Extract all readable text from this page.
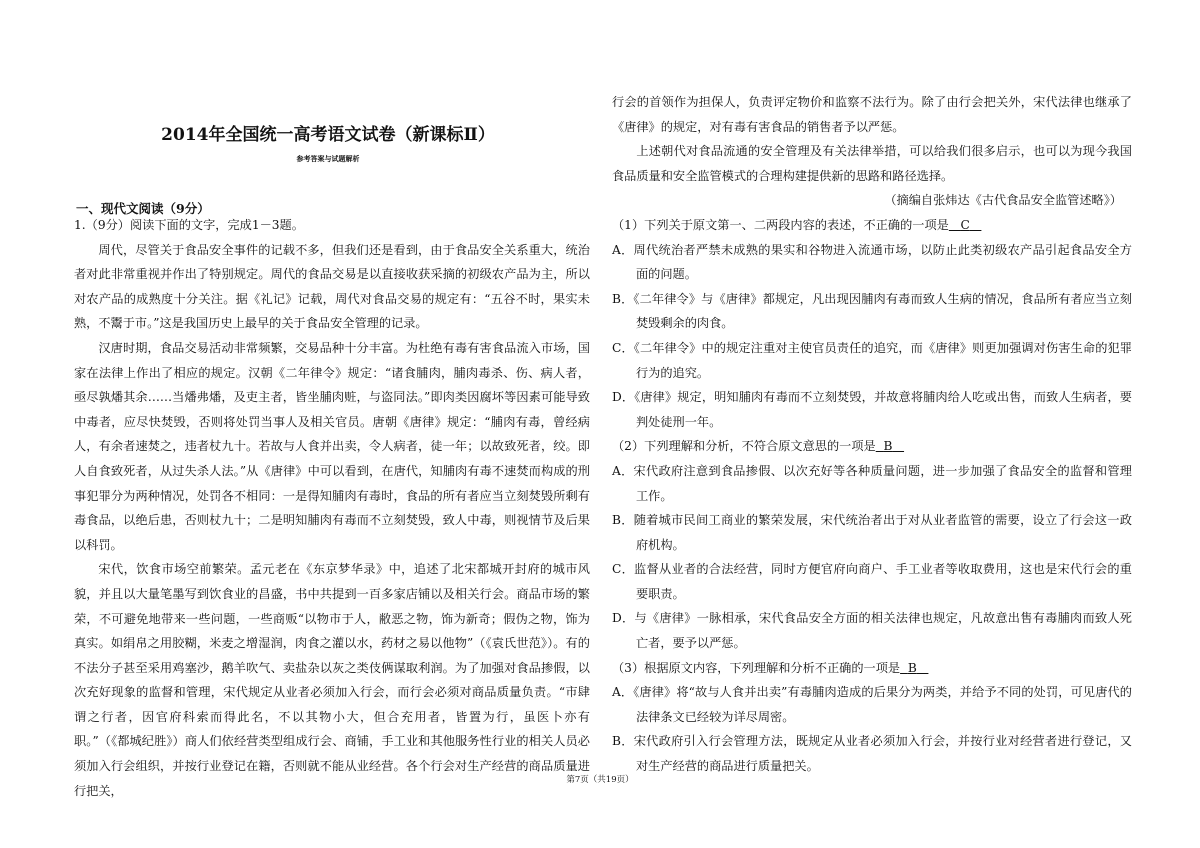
2014年全国统一高考语文试卷（新课标Ⅱ）
参考答案与试题解析
一、现代文阅读（9分）

1.（9分）阅读下面的文字，完成1－3题。

周代，尽管关于食品安全事件的记载不多，但我们还是看到，由于食品安全关系重大，统治者对此非常重视并作出了特别规定。周代的食品交易是以直接收获采摘的初级农产品为主，所以对农产品的成熟度十分关注。据《礼记》记载，周代对食品交易的规定有：“五谷不时，果实未熟，不鬻于市。”这是我国历史上最早的关于食品安全管理的记录。

汉唐时期，食品交易活动非常频繁，交易品种十分丰富。为杜绝有毒有害食品流入市场，国家在法律上作出了相应的规定。汉朝《二年律令》规定：“诸食脯肉，脯肉毒杀、伤、病人者，亟尽孰燔其余……当燔弗燔，及吏主者，皆坐脯肉赃，与盗同法。”即肉类因腐坏等因素可能导致中毒者，应尽快焚毁，否则将处罚当事人及相关官员。唐朝《唐律》规定：“脯肉有毒，曾经病人，有余者速焚之，违者杖九十。若故与人食并出卖，令人病者，徒一年；以故致死者，绞。即人自食致死者，从过失杀人法。”从《唐律》中可以看到，在唐代，知脯肉有毒不速焚而构成的刑事犯罪分为两种情况，处罚各不相同：一是得知脯肉有毒时，食品的所有者应当立刻焚毁所剩有毒食品，以绝后患，否则杖九十；二是明知脯肉有毒而不立刻焚毁，致人中毒，则视情节及后果以科罚。

宋代，饮食市场空前繁荣。孟元老在《东京梦华录》中，追述了北宋都城开封府的城市风貌，并且以大量笔墨写到饮食业的昌盛，书中共提到一百多家店铺以及相关行会。商品市场的繁荣，不可避免地带来一些问题，一些商贩“以物市于人，敝恶之物，饰为新奇；假伪之物，饰为真实。如绢帛之用胶糊，米麦之增湿润，肉食之灌以水，药材之易以他物”（《袁氏世范》）。有的不法分子甚至采用鸡塞沙，鹅羊吹气、卖盐杂以灰之类伎俩谋取利润。为了加强对食品掺假，以次充好现象的监督和管理，宋代规定从业者必须加入行会，而行会必须对商品质量负责。“市肆谓之行者，因官府科索而得此名，不以其物小大，但合充用者，皆置为行，虽医卜亦有职。”（《都城纪胜》）商人们依经营类型组成行会、商铺，手工业和其他服务性行业的相关人员必须加入行会组织，并按行业登记在籍，否则就不能从业经营。各个行会对生产经营的商品质量进行把关，

行会的首领作为担保人，负责评定物价和监察不法行为。除了由行会把关外，宋代法律也继承了《唐律》的规定，对有毒有害食品的销售者予以严惩。

上述朝代对食品流通的安全管理及有关法律举措，可以给我们很多启示，也可以为现今我国食品质量和安全监管模式的合理构建提供新的思路和路径选择。

（摘编自张炜达《古代食品安全监管述略》）

（1）下列关于原文第一、二两段内容的表述，不正确的一项是 C

A．周代统治者严禁未成熟的果实和谷物进入流通市场，以防止此类初级农产品引起食品安全方面的问题。

B．《二年律令》与《唐律》都规定，凡出现因脯肉有毒而致人生病的情况，食品所有者应当立刻焚毁剩余的肉食。

C．《二年律令》中的规定注重对主使官员责任的追究，而《唐律》则更加强调对伤害生命的犯罪行为的追究。

D．《唐律》规定，明知脯肉有毒而不立刻焚毁，并故意将脯肉给人吃或出售，而致人生病者，要判处徒刑一年。

（2）下列理解和分析，不符合原文意思的一项是 B

A．宋代政府注意到食品掺假、以次充好等各种质量问题，进一步加强了食品安全的监督和管理工作。

B．随着城市民间工商业的繁荣发展，宋代统治者出于对从业者监管的需要，设立了行会这一政府机构。

C．监督从业者的合法经营，同时方便官府向商户、手工业者等收取费用，这也是宋代行会的重要职责。

D．与《唐律》一脉相承，宋代食品安全方面的相关法律也规定，凡故意出售有毒脯肉而致人死亡者，要予以严惩。

（3）根据原文内容，下列理解和分析不正确的一项是 B

A．《唐律》将“故与人食并出卖”有毒脯肉造成的后果分为两类，并给予不同的处罚，可见唐代的法律条文已经较为详尽周密。

B．宋代政府引入行会管理方法，既规定从业者必须加入行会，并按行业对经营者进行登记，又对生产经营的商品进行质量把关。

第7页（共19页）
